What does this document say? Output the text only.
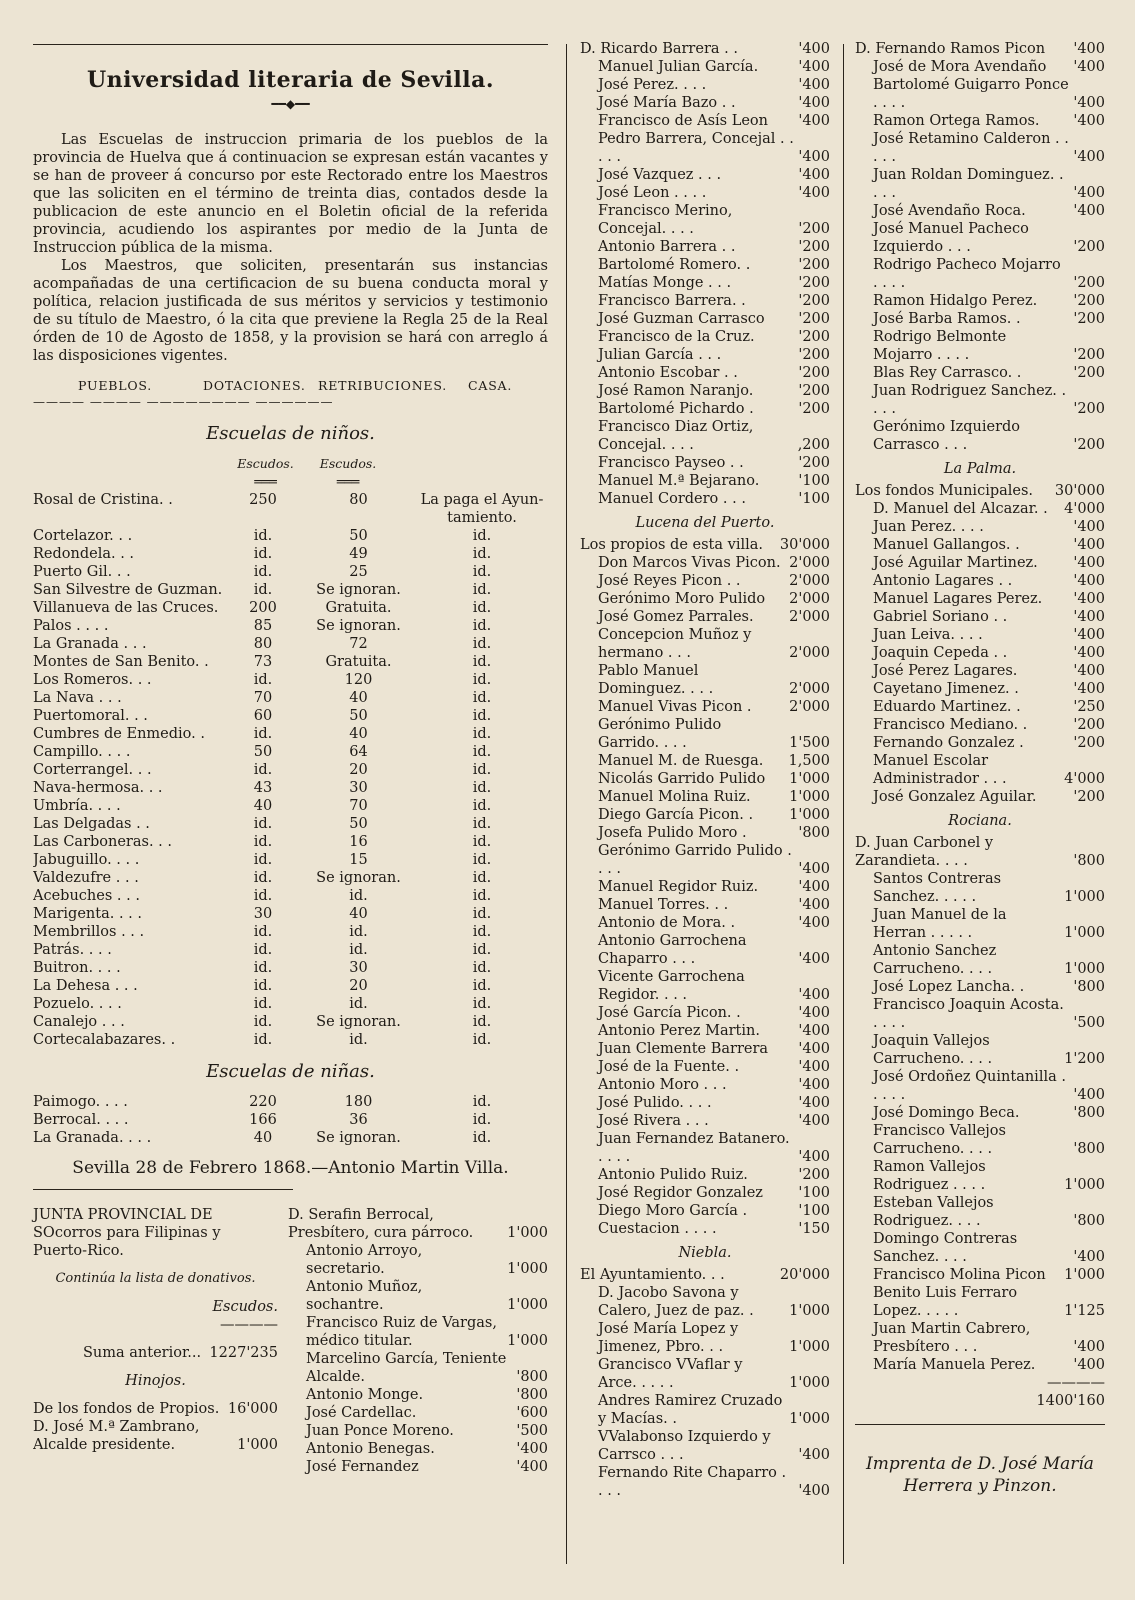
Universidad literaria de Sevilla.
━━◆━━

Las Escuelas de instruccion primaria de los pueblos de la provincia de Huelva que á continuacion se expresan están vacantes y se han de proveer á concurso por este Rectorado entre los Maestros que las soliciten en el término de treinta dias, contados desde la publicacion de este anuncio en el Boletin oficial de la referida provincia, acudiendo los aspirantes por medio de la Junta de Instruccion pública de la misma.

Los Maestros, que soliciten, presentarán sus instancias acompañadas de una certificacion de su buena conducta moral y política, relacion justificada de sus méritos y servicios y testimonio de su título de Maestro, ó la cita que previene la Regla 25 de la Real órden de 10 de Agosto de 1858, y la provision se hará con arreglo á las disposiciones vigentes.

PUEBLOS.	DOTACIONES. RETRIBUCIONES.	CASA.
———— ———— ———————— ——————
Escuelas de niños.
Escudos.	Escudos.
═══	═══
Rosal de Cristina. .	250	80	La paga el Ayun-
tamiento.
Cortelazor. . .	id.	50	id.
Redondela. . .	id.	49	id.
Puerto Gil. . .	id.	25	id.
San Silvestre de Guzman.	id.	Se ignoran.	id.
Villanueva de las Cruces.	200	Gratuita.	id.
Palos . . . .	85	Se ignoran.	id.
La Granada . . .	80	72	id.
Montes de San Benito. .	73	Gratuita.	id.
Los Romeros. . .	id.	120	id.
La Nava . . .	70	40	id.
Puertomoral. . .	60	50	id.
Cumbres de Enmedio. .	id.	40	id.
Campillo. . . .	50	64	id.
Corterrangel. . .	id.	20	id.
Nava-hermosa. . .	43	30	id.
Umbría. . . .	40	70	id.
Las Delgadas . .	id.	50	id.
Las Carboneras. . .	id.	16	id.
Jabuguillo. . . .	id.	15	id.
Valdezufre . . .	id.	Se ignoran.	id.
Acebuches . . .	id.	id.	id.
Marigenta. . . .	30	40	id.
Membrillos . . .	id.	id.	id.
Patrás. . . .	id.	id.	id.
Buitron. . . .	id.	30	id.
La Dehesa . . .	id.	20	id.
Pozuelo. . . .	id.	id.	id.
Canalejo . . .	id.	Se ignoran.	id.
Cortecalabazares. .	id.	id.	id.
Escuelas de niñas.
Paimogo. . . .	220	180	id.
Berrocal. . . .	166	36	id.
La Granada. . . .	40	Se ignoran.	id.
Sevilla 28 de Febrero 1868.—Antonio Martin Villa.
JUNTA PROVINCIAL DE SOcorros para Filipinas y Puerto-Rico.
Continúa la lista de donativos.
Escudos.
————
Suma anterior... 1227'235
Hinojos.
De los fondos de Propios. 16'000
D. José M.ª Zambrano,
Alcalde presidente.	1'000
D. Serafin Berrocal, Presbítero, cura párroco.	1'000
Antonio Arroyo, secretario.	1'000
Antonio Muñoz, sochantre.	1'000
Francisco Ruiz de Vargas, médico titular.	1'000
Marcelino García, Teniente Alcalde.	'800
Antonio Monge.	'800
José Cardellac.	'600
Juan Ponce Moreno.	'500
Antonio Benegas.	'400
José Fernandez	'400
D. Ricardo Barrera . .	'400
Manuel Julian García.	'400
José Perez. . . .	'400
José María Bazo . .	'400
Francisco de Asís Leon '400
Pedro Barrera, Concejal . . . . .	'400
José Vazquez . . .	'400
José Leon . . . .	'400
Francisco Merino, Concejal. . . .	'200
Antonio Barrera . .	'200
Bartolomé Romero. .	'200
Matías Monge . . .	'200
Francisco Barrera. .	'200
José Guzman Carrasco '200
Francisco de la Cruz.	'200
Julian García . . .	'200
Antonio Escobar . .	'200
José Ramon Naranjo.	'200
Bartolomé Pichardo .	'200
Francisco Diaz Ortiz, Concejal. . . .	,200
Francisco Payseo . .	'200
Manuel M.ª Bejarano.	'100
Manuel Cordero . . .	'100
Lucena del Puerto.
Los propios de esta villa. 30'000
Don Marcos Vivas Picon. 2'000
José Reyes Picon . .	2'000
Gerónimo Moro Pulido 2'000
José Gomez Parrales. 2'000
Concepcion Muñoz y hermano . . .	2'000
Pablo Manuel Dominguez. . . .	2'000
Manuel Vivas Picon .	2'000
Gerónimo Pulido Garrido. . . .	1'500
Manuel M. de Ruesga. 1,500
Nicolás Garrido Pulido 1'000
Manuel Molina Ruiz.	1'000
Diego García Picon. . 1'000
Josefa Pulido Moro .	'800
Gerónimo Garrido Pulido . . . .	'400
Manuel Regidor Ruiz.	'400
Manuel Torres. . .	'400
Antonio de Mora. .	'400
Antonio Garrochena Chaparro . . .	'400
Vicente Garrochena Regidor. . . .	'400
José García Picon. .	'400
Antonio Perez Martin.	'400
Juan Clemente Barrera '400
José de la Fuente. .	'400
Antonio Moro . . .	'400
José Pulido. . . .	'400
José Rivera . . .	'400
Juan Fernandez Batanero. . . . .	'400
Antonio Pulido Ruiz.	'200
José Regidor Gonzalez '100
Diego Moro García .	'100
Cuestacion . . . .	'150
Niebla.
El Ayuntamiento. . .	20'000
D. Jacobo Savona y Calero, Juez de paz. .	1'000
José María Lopez y Jimenez, Pbro. . .	1'000
Grancisco VVaflar y Arce. . . . .	1'000
Andres Ramirez Cruzado y Macías. .	1'000
VValabonso Izquierdo y Carrsco . . .	'400
Fernando Rite Chaparro . . . .	'400
D. Fernando Ramos Picon '400
José de Mora Avendaño '400
Bartolomé Guigarro Ponce . . . .	'400
Ramon Ortega Ramos. '400
José Retamino Calderon . . . . .	'400
Juan Roldan Dominguez. . . . .	'400
José Avendaño Roca.	'400
José Manuel Pacheco Izquierdo . . .	'200
Rodrigo Pacheco Mojarro . . . .	'200
Ramon Hidalgo Perez. '200
José Barba Ramos. .	'200
Rodrigo Belmonte Mojarro . . . .	'200
Blas Rey Carrasco. .	'200
Juan Rodriguez Sanchez. . . . .	'200
Gerónimo Izquierdo Carrasco . . .	'200
La Palma.
Los fondos Municipales. 30'000
D. Manuel del Alcazar. . 4'000
Juan Perez. . . .	'400
Manuel Gallangos. .	'400
José Aguilar Martinez. '400
Antonio Lagares . .	'400
Manuel Lagares Perez. '400
Gabriel Soriano . .	'400
Juan Leiva. . . .	'400
Joaquin Cepeda . .	'400
José Perez Lagares.	'400
Cayetano Jimenez. .	'400
Eduardo Martinez. .	'250
Francisco Mediano. .	'200
Fernando Gonzalez .	'200
Manuel Escolar Administrador . . .	4'000
José Gonzalez Aguilar.	'200
Rociana.
D. Juan Carbonel y Zarandieta. . . .	'800
Santos Contreras Sanchez. . . . .	1'000
Juan Manuel de la Herran . . . . .	1'000
Antonio Sanchez Carrucheno. . . .	1'000
José Lopez Lancha. .	'800
Francisco Joaquin Acosta. . . . .	'500
Joaquin Vallejos Carrucheno. . . .	1'200
José Ordoñez Quintanilla . . . . .	'400
José Domingo Beca.	'800
Francisco Vallejos Carrucheno. . . .	'800
Ramon Vallejos Rodriguez . . . .	1'000
Esteban Vallejos Rodriguez. . . .	'800
Domingo Contreras Sanchez. . . .	'400
Francisco Molina Picon 1'000
Benito Luis Ferraro Lopez. . . . .	1'125
Juan Martin Cabrero, Presbítero . . .	'400
María Manuela Perez.	'400
————
1400'160
Imprenta de D. José María Herrera y Pinzon.
